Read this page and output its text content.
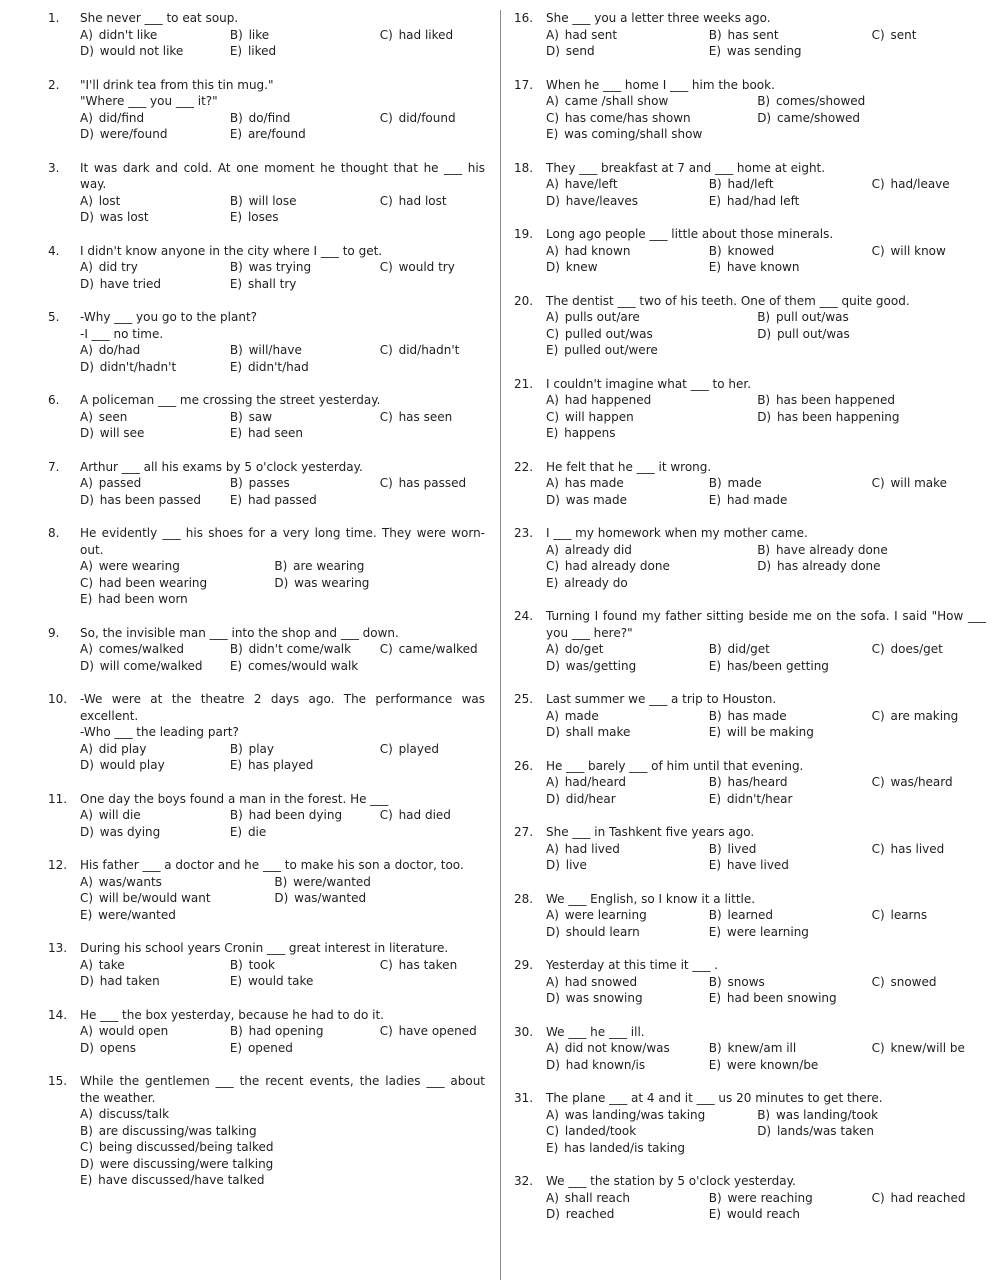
1.	She never ___ to eat soup.
A) didn't like	B) like	C) had liked
D) would not like	E) liked
2.	"I'll drink tea from this tin mug."
"Where ___ you ___ it?"
A) did/find	B) do/find	C) did/found
D) were/found	E) are/found
3.	It was dark and cold. At one moment he thought that he ___ his way.
A) lost	B) will lose	C) had lost
D) was lost	E) loses
4.	I didn't know anyone in the city where I ___ to get.
A) did try	B) was trying	C) would try
D) have tried	E) shall try
5.	-Why ___ you go to the plant?
-I ___ no time.
A) do/had	B) will/have	C) did/hadn't
D) didn't/hadn't	E) didn't/had
6.	A policeman ___ me crossing the street yesterday.
A) seen	B) saw	C) has seen
D) will see	E) had seen
7.	Arthur ___ all his exams by 5 o'clock yesterday.
A) passed	B) passes	C) has passed
D) has been passed	E) had passed
8.	He evidently ___ his shoes for a very long time. They were worn-out.
A) were wearing	B) are wearing
C) had been wearing	D) was wearing
E) had been worn
9.	So, the invisible man ___ into the shop and ___ down.
A) comes/walked	B) didn't come/walk	C) came/walked
D) will come/walked	E) comes/would walk
10.	-We were at the theatre 2 days ago. The performance was excellent.
-Who ___ the leading part?
A) did play	B) play	C) played
D) would play	E) has played
11.	One day the boys found a man in the forest. He ___
A) will die	B) had been dying	C) had died
D) was dying	E) die
12.	His father ___ a doctor and he ___ to make his son a doctor, too.
A) was/wants	B) were/wanted
C) will be/would want	D) was/wanted
E) were/wanted
13.	During his school years Cronin ___ great interest in literature.
A) take	B) took	C) has taken
D) had taken	E) would take
14.	He ___ the box yesterday, because he had to do it.
A) would open	B) had opening	C) have opened
D) opens	E) opened
15.	While the gentlemen ___ the recent events, the ladies ___ about the weather.
A) discuss/talk
B) are discussing/was talking
C) being discussed/being talked
D) were discussing/were talking
E) have discussed/have talked
16.	She ___ you a letter three weeks ago.
A) had sent	B) has sent	C) sent
D) send	E) was sending
17.	When he ___ home I ___ him the book.
A) came /shall show	B) comes/showed
C) has come/has shown	D) came/showed
E) was coming/shall show
18.	They ___ breakfast at 7 and ___ home at eight.
A) have/left	B) had/left	C) had/leave
D) have/leaves	E) had/had left
19.	Long ago people ___ little about those minerals.
A) had known	B) knowed	C) will know
D) knew	E) have known
20.	The dentist ___ two of his teeth. One of them ___ quite good.
A) pulls out/are	B) pull out/was
C) pulled out/was	D) pull out/was
E) pulled out/were
21.	I couldn't imagine what ___ to her.
A) had happened	B) has been happened
C) will happen	D) has been happening
E) happens
22.	He felt that he ___ it wrong.
A) has made	B) made	C) will make
D) was made	E) had made
23.	I ___ my homework when my mother came.
A) already did	B) have already done
C) had already done	D) has already done
E) already do
24.	Turning I found my father sitting beside me on the sofa. I said "How ___ you ___ here?"
A) do/get	B) did/get	C) does/get
D) was/getting	E) has/been getting
25.	Last summer we ___ a trip to Houston.
A) made	B) has made	C) are making
D) shall make	E) will be making
26.	He ___ barely ___ of him until that evening.
A) had/heard	B) has/heard	C) was/heard
D) did/hear	E) didn't/hear
27.	She ___ in Tashkent five years ago.
A) had lived	B) lived	C) has lived
D) live	E) have lived
28.	We ___ English, so I know it a little.
A) were learning	B) learned	C) learns
D) should learn	E) were learning
29.	Yesterday at this time it ___ .
A) had snowed	B) snows	C) snowed
D) was snowing	E) had been snowing
30.	We ___ he ___ ill.
A) did not know/was	B) knew/am ill	C) knew/will be
D) had known/is	E) were known/be
31.	The plane ___ at 4 and it ___ us 20 minutes to get there.
A) was landing/was taking	B) was landing/took
C) landed/took	D) lands/was taken
E) has landed/is taking
32.	We ___ the station by 5 o'clock yesterday.
A) shall reach	B) were reaching	C) had reached
D) reached	E) would reach
